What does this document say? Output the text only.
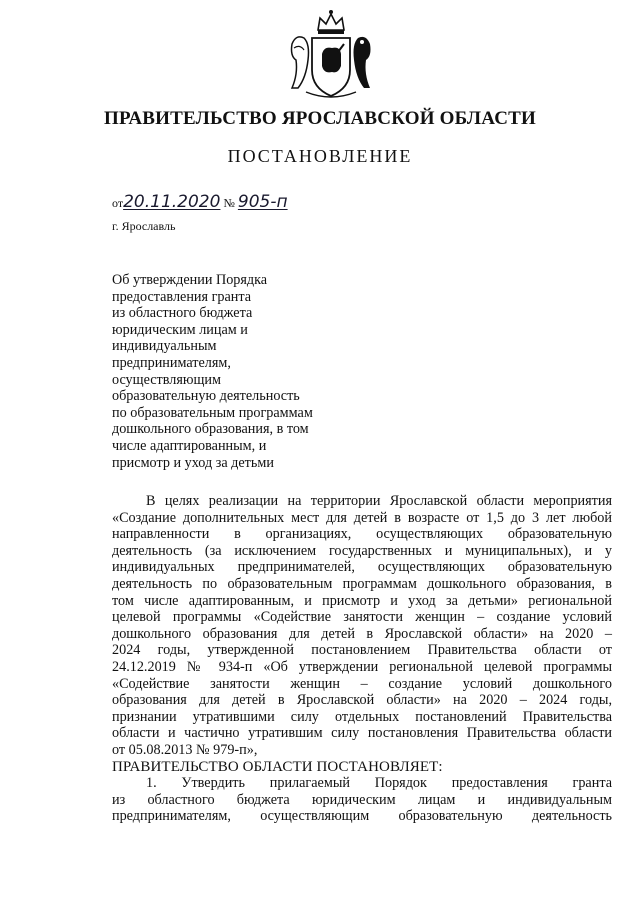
ПРАВИТЕЛЬСТВО ЯРОСЛАВСКОЙ ОБЛАСТИ
ПОСТАНОВЛЕНИЕ
от20.11.2020 № 905-п
г. Ярославль
Об утверждении Порядка
предоставления гранта
из областного бюджета
юридическим лицам и
индивидуальным
предпринимателям,
осуществляющим
образовательную деятельность
по образовательным программам
дошкольного образования, в том
числе адаптированным, и
присмотр и уход за детьми
В целях реализации на территории Ярославской области мероприятия
«Создание дополнительных мест для детей в возрасте от 1,5 до 3 лет любой
направленности в организациях, осуществляющих образовательную
деятельность (за исключением государственных и муниципальных), и у
индивидуальных предпринимателей, осуществляющих образовательную
деятельность по образовательным программам дошкольного образования, в
том числе адаптированным, и присмотр и уход за детьми» региональной
целевой программы «Содействие занятости женщин – создание условий
дошкольного образования для детей в Ярославской области» на 2020 –
2024 годы, утвержденной постановлением Правительства области от
24.12.2019 № 934-п «Об утверждении региональной целевой программы
«Содействие занятости женщин – создание условий дошкольного
образования для детей в Ярославской области» на 2020 – 2024 годы,
признании утратившими силу отдельных постановлений Правительства
области и частично утратившим силу постановления Правительства области
от 05.08.2013 № 979-п»,
ПРАВИТЕЛЬСТВО ОБЛАСТИ ПОСТАНОВЛЯЕТ:
1. Утвердить прилагаемый Порядок предоставления гранта
из областного бюджета юридическим лицам и индивидуальным
предпринимателям, осуществляющим образовательную деятельность
